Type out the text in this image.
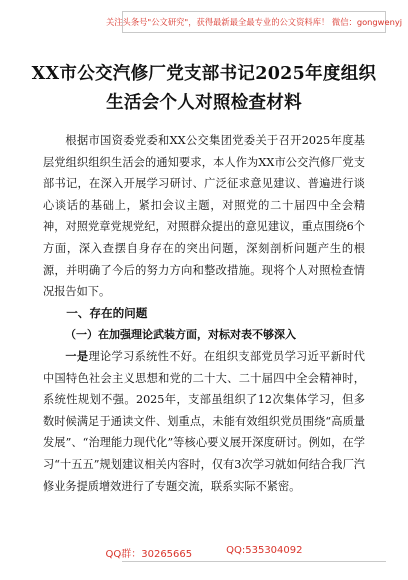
关注头条号"公文研究"，获得最新最全最专业的公文资料库！ 微信：gongwenyj
XX市公交汽修厂党支部书记2025年度组织生活会个人对照检查材料

根据市国资委党委和XX公交集团党委关于召开2025年度基层党组织组织生活会的通知要求，本人作为XX市公交汽修厂党支部书记，在深入开展学习研讨、广泛征求意见建议、普遍进行谈心谈话的基础上，紧扣会议主题，对照党的二十届四中全会精神，对照党章党规党纪，对照群众提出的意见建议，重点围绕6个方面，深入查摆自身存在的突出问题，深刻剖析问题产生的根源，并明确了今后的努力方向和整改措施。现将个人对照检查情况报告如下。

一、存在的问题

（一）在加强理论武装方面，对标对表不够深入

一是理论学习系统性不好。在组织支部党员学习近平新时代中国特色社会主义思想和党的二十大、二十届四中全会精神时，系统性规划不强。2025年，支部虽组织了12次集体学习，但多数时候满足于通读文件、划重点，未能有效组织党员围绕“高质量发展”、“治理能力现代化”等核心要义展开深度研讨。例如，在学习“十五五”规划建议相关内容时，仅有3次学习就如何结合我厂汽修业务提质增效进行了专题交流，联系实际不紧密。

QQ群：30265665	QQ:535304092
